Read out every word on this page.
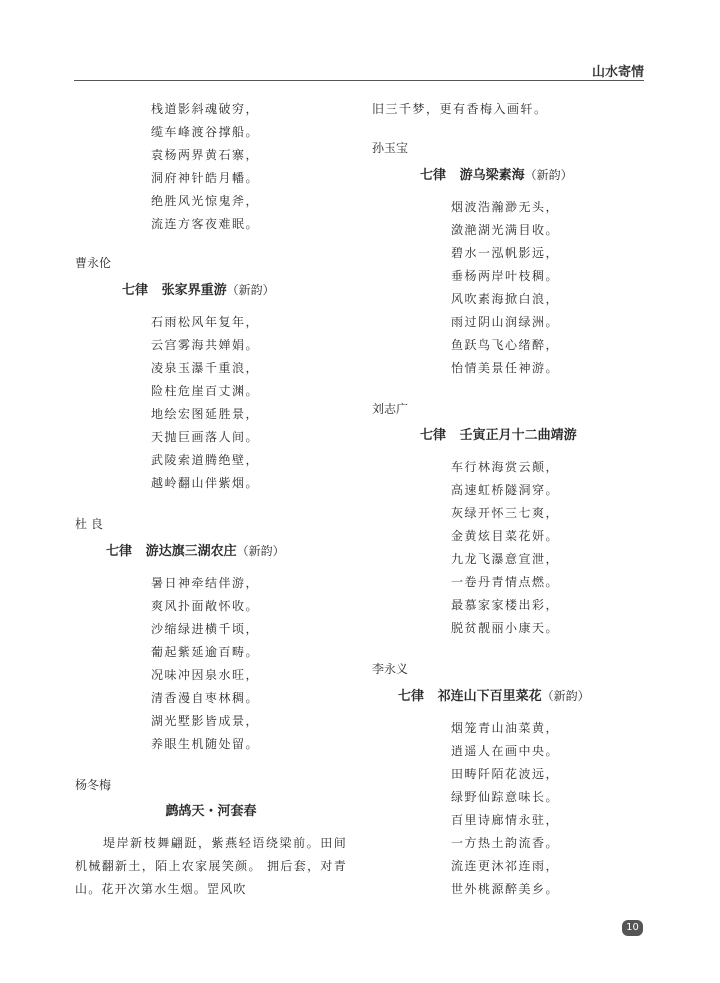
山水寄情
栈道影斜魂破穷，
缆车峰渡谷撑船。
袁杨两界黄石寨，
洞府神针皓月幡。
绝胜风光惊鬼斧，
流连方客夜难眠。
曹永伦
七律 张家界重游（新韵）
石雨松风年复年，
云宫雾海共婵娟。
凌泉玉瀑千重浪，
险柱危崖百丈渊。
地绘宏图延胜景，
天抛巨画落人间。
武陵索道腾绝壁，
越岭翻山伴紫烟。
杜 良
七律 游达旗三湖农庄（新韵）
暑日神牵结伴游，
爽风扑面敞怀收。
沙缩绿进横千顷，
葡起紫延逾百畴。
况味冲因泉水旺，
清香漫自枣林稠。
湖光墅影皆成景，
养眼生机随处留。
杨冬梅
鹧鸪天・河套春
堤岸新枝舞翩跹，紫燕轻语绕梁前。田间机械翻新土，陌上农家展笑颜。 拥后套，对青山。花开次第水生烟。罡风吹
旧三千梦，更有香梅入画轩。
孙玉宝
七律 游乌梁素海（新韵）
烟波浩瀚渺无头，
潋滟湖光满目收。
碧水一泓帆影远，
垂杨两岸叶枝稠。
风吹素海掀白浪，
雨过阴山润绿洲。
鱼跃鸟飞心绪醉，
怡情美景任神游。
刘志广
七律 壬寅正月十二曲靖游
车行林海赏云颠，
高速虹桥隧洞穿。
灰绿开怀三七爽，
金黄炫目菜花妍。
九龙飞瀑意宣泄，
一卷丹青情点燃。
最慕家家楼出彩，
脱贫靓丽小康天。
李永义
七律 祁连山下百里菜花（新韵）
烟笼青山油菜黄，
逍遥人在画中央。
田畴阡陌花波远，
绿野仙踪意味长。
百里诗廊情永驻，
一方热土韵流香。
流连更沐祁连雨，
世外桃源醉美乡。
10
